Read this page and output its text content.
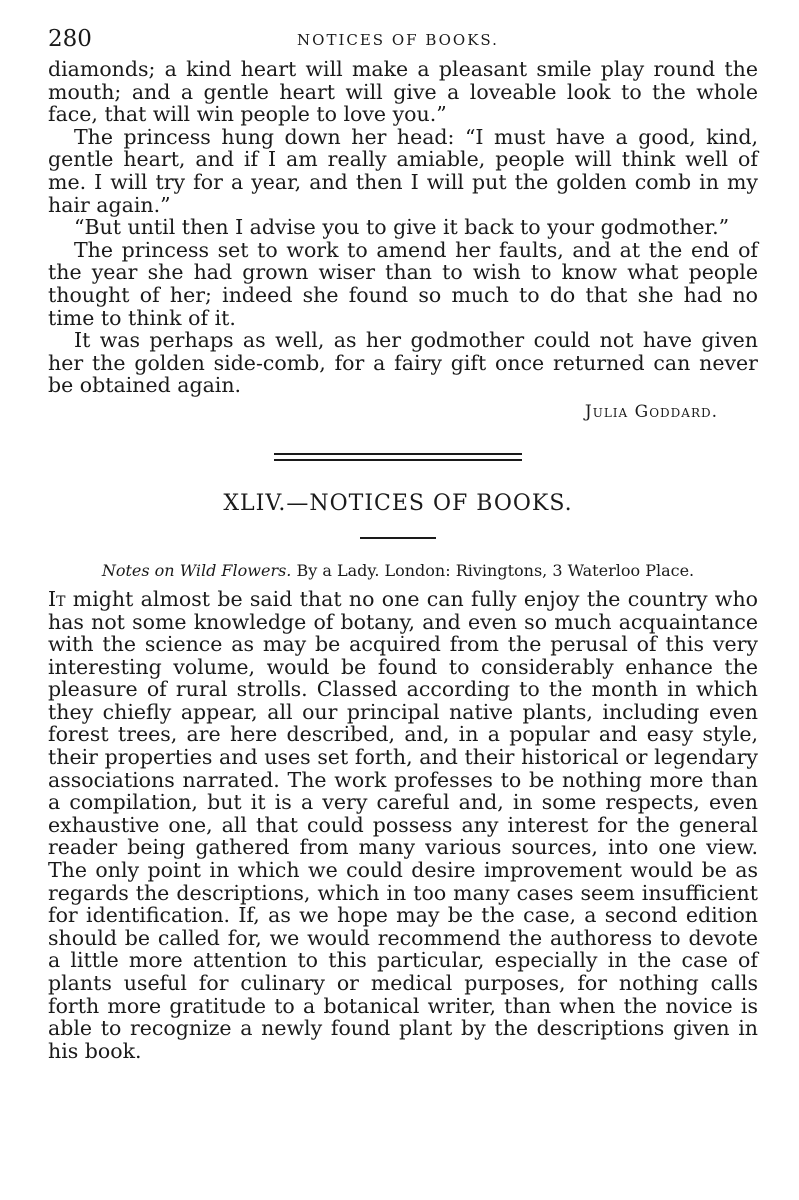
280	NOTICES OF BOOKS.

diamonds; a kind heart will make a pleasant smile play round the mouth; and a gentle heart will give a loveable look to the whole face, that will win people to love you.”

The princess hung down her head: “I must have a good, kind, gentle heart, and if I am really amiable, people will think well of me. I will try for a year, and then I will put the golden comb in my hair again.”

“But until then I advise you to give it back to your godmother.”

The princess set to work to amend her faults, and at the end of the year she had grown wiser than to wish to know what people thought of her; indeed she found so much to do that she had no time to think of it.

It was perhaps as well, as her godmother could not have given her the golden side-comb, for a fairy gift once returned can never be obtained again.

Julia Goddard.
XLIV.—NOTICES OF BOOKS.
Notes on Wild Flowers. By a Lady. London: Rivingtons, 3 Waterloo Place.

It might almost be said that no one can fully enjoy the country who has not some knowledge of botany, and even so much acquaintance with the science as may be acquired from the perusal of this very interesting volume, would be found to considerably enhance the pleasure of rural strolls. Classed according to the month in which they chiefly appear, all our principal native plants, including even forest trees, are here described, and, in a popular and easy style, their properties and uses set forth, and their historical or legendary associations narrated. The work professes to be nothing more than a compilation, but it is a very careful and, in some respects, even exhaustive one, all that could possess any interest for the general reader being gathered from many various sources, into one view. The only point in which we could desire improvement would be as regards the descriptions, which in too many cases seem insufficient for identification. If, as we hope may be the case, a second edition should be called for, we would recommend the authoress to devote a little more attention to this particular, especially in the case of plants useful for culinary or medical purposes, for nothing calls forth more gratitude to a botanical writer, than when the novice is able to recognize a newly found plant by the descriptions given in his book.
